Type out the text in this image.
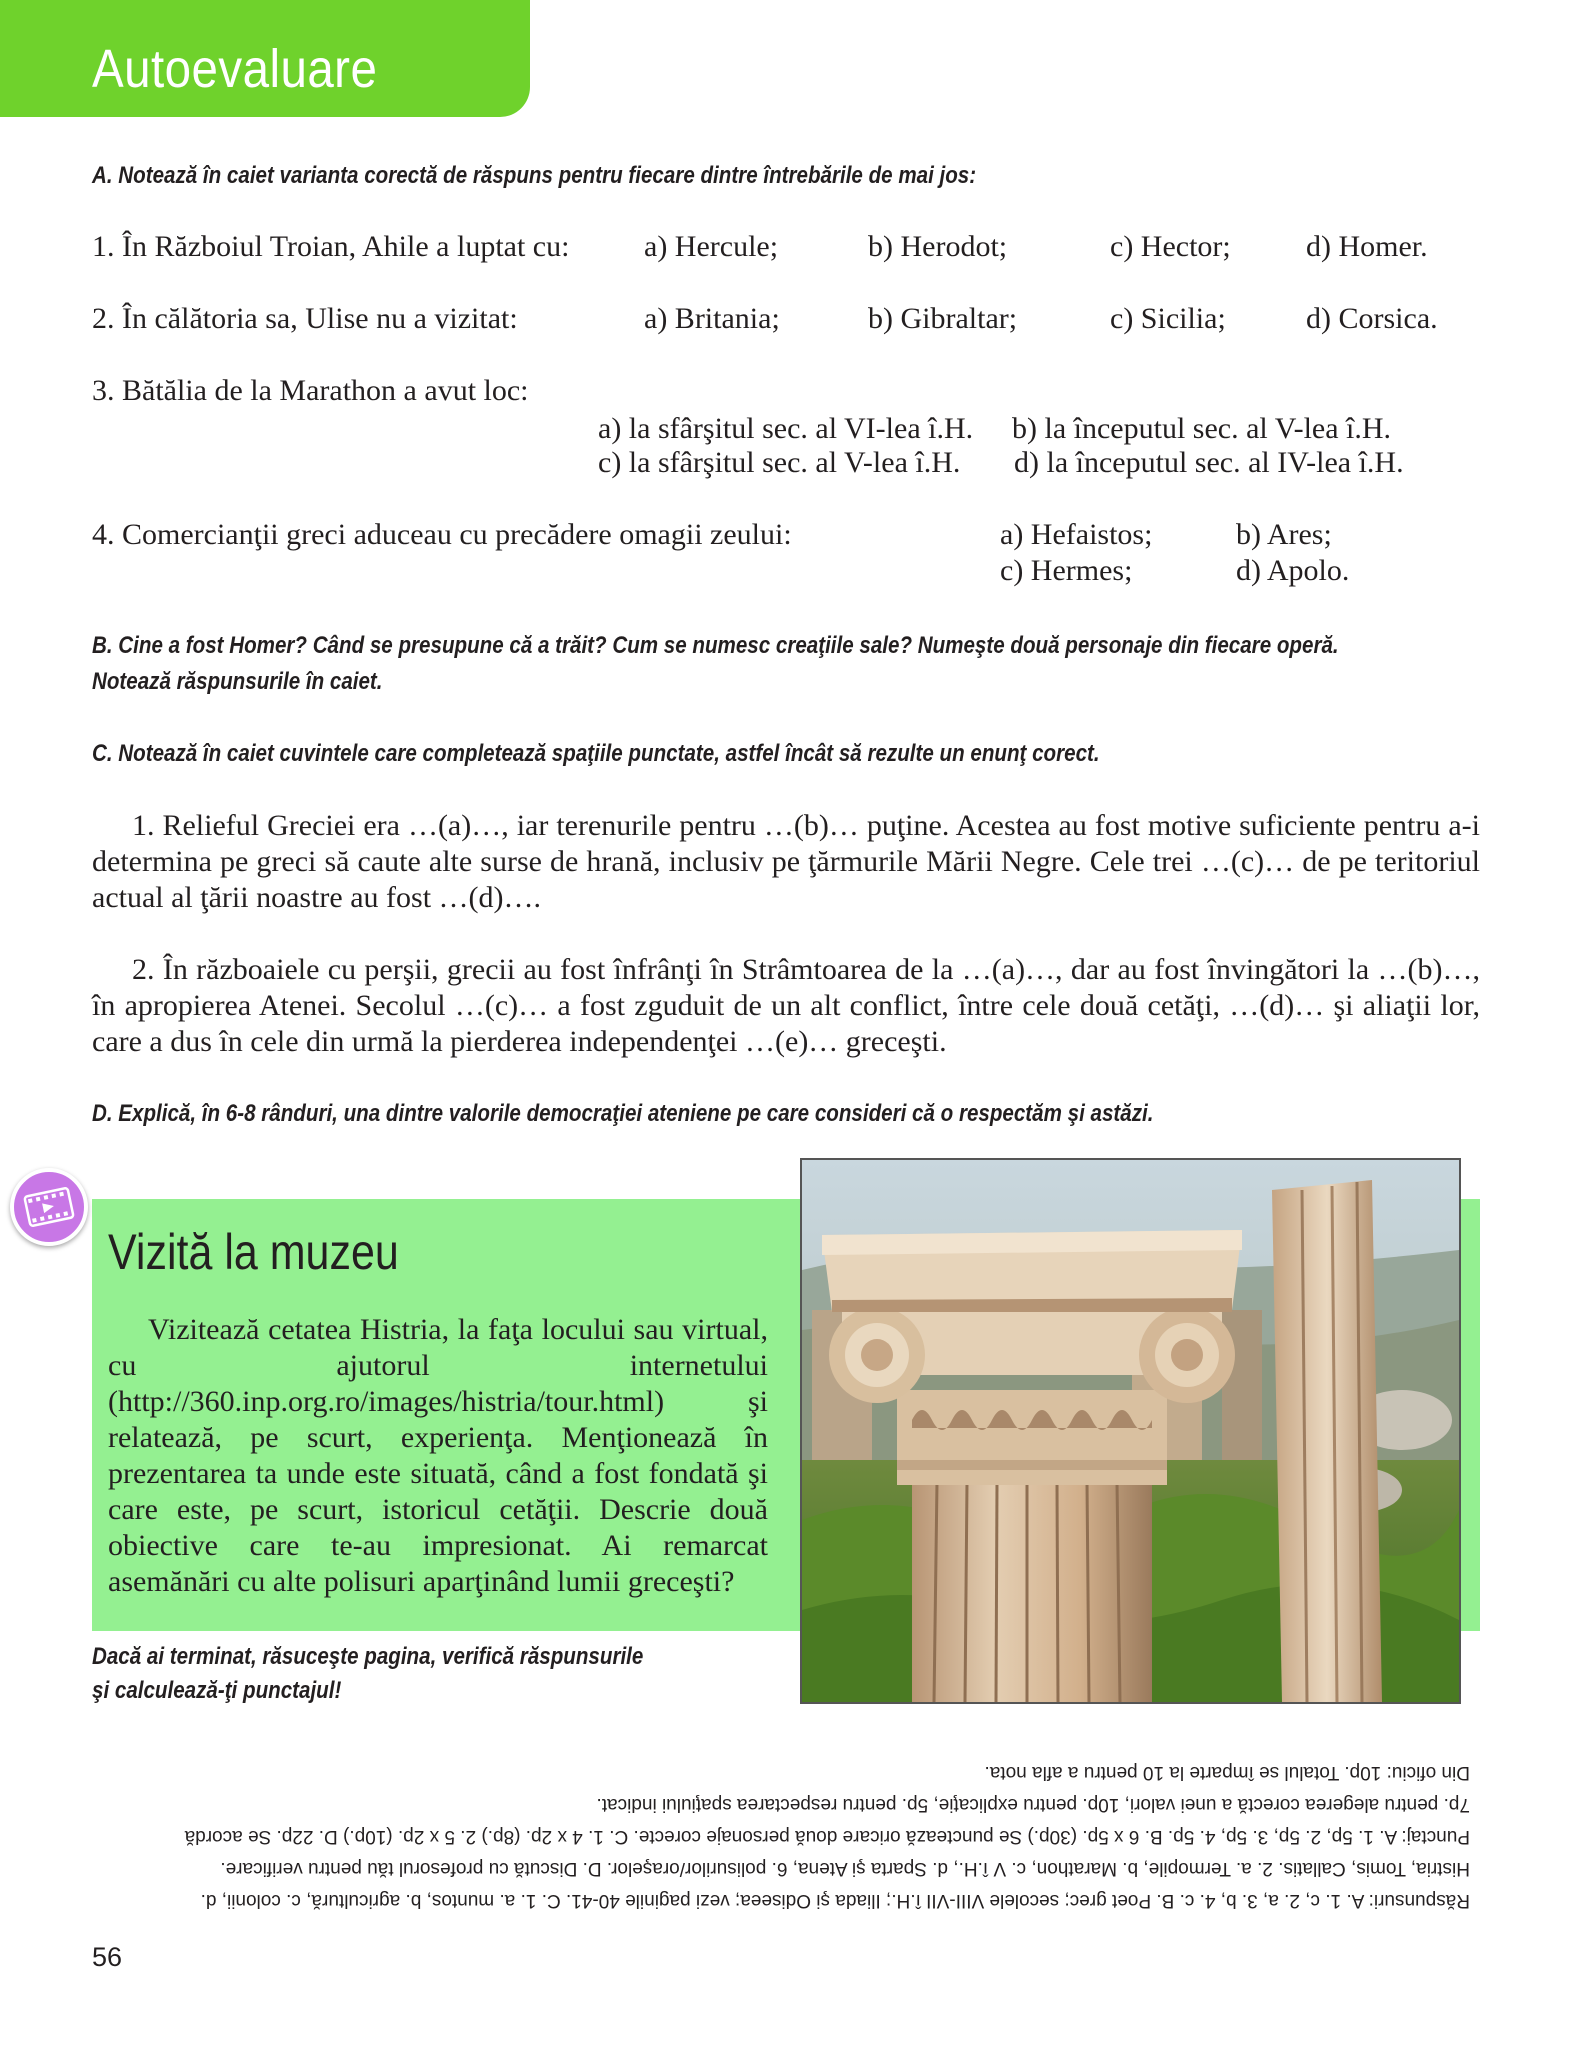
Autoevaluare
A. Notează în caiet varianta corectă de răspuns pentru fiecare dintre întrebările de mai jos:
1. În Războiul Troian, Ahile a luptat cu: a) Hercule;	b) Herodot;	c) Hector;	d) Homer.
2. În călătoria sa, Ulise nu a vizitat:	a) Britania;	b) Gibraltar;	c) Sicilia;	d) Corsica.
3. Bătălia de la Marathon a avut loc:
a) la sfârşitul sec. al VI-lea î.H. b) la începutul sec. al V-lea î.H.
c) la sfârşitul sec. al V-lea î.H. d) la începutul sec. al IV-lea î.H.
4. Comercianţii greci aduceau cu precădere omagii zeului:	a) Hefaistos;	b) Ares;
c) Hermes;	d) Apolo.
B. Cine a fost Homer? Când se presupune că a trăit? Cum se numesc creaţiile sale? Numeşte două personaje din fiecare operă.
Notează răspunsurile în caiet.
C. Notează în caiet cuvintele care completează spaţiile punctate, astfel încât să rezulte un enunţ corect.
1. Relieful Greciei era …(a)…, iar terenurile pentru …(b)… puţine. Acestea au fost motive suficiente pentru a-i determina pe greci să caute alte surse de hrană, inclusiv pe ţărmurile Mării Negre. Cele trei …(c)… de pe teritoriul actual al ţării noastre au fost …(d)….
2. În războaiele cu perşii, grecii au fost înfrânţi în Strâmtoarea de la …(a)…, dar au fost învingători la …(b)…, în apropierea Atenei. Secolul …(c)… a fost zguduit de un alt conflict, între cele două cetăţi, …(d)… şi aliaţii lor, care a dus în cele din urmă la pierderea independenţei …(e)… greceşti.
D. Explică, în 6-8 rânduri, una dintre valorile democraţiei ateniene pe care consideri că o respectăm şi astăzi.
Vizită la muzeu
Vizitează cetatea Histria, la faţa locului sau virtual, cu ajutorul internetului (http://360.inp.org.ro/images/histria/tour.html) şi relatează, pe scurt, experienţa. Menţionează în prezentarea ta unde este situată, când a fost fondată şi care este, pe scurt, istoricul cetăţii. Descrie două obiective care te-au impresionat. Ai remarcat asemănări cu alte polisuri aparţinând lumii greceşti?
Dacă ai terminat, răsuceşte pagina, verifică răspunsurile
şi calculează-ţi punctajul!
Răspunsuri: A. 1. c, 2. a, 3. b, 4. c. B. Poet grec; secolele VIII-VII î.H.; Iliada şi Odiseea; vezi paginile 40-41. C. 1. a. muntos, b. agricultură, c. colonii, d.
Histria, Tomis, Callatis. 2. a. Termopile, b. Marathon, c. V î.H., d. Sparta şi Atena, 6. polisurilor/oraşelor. D. Discută cu profesorul tău pentru verificare.
Punctaj: A. 1. 5p, 2. 5p, 3. 5p, 4. 5p. B. 6 x 5p. (30p.) Se punctează oricare două personaje corecte. C. 1. 4 x 2p. (8p.) 2. 5 x 2p. (10p.) D. 22p. Se acordă
7p. pentru alegerea corectă a unei valori, 10p. pentru explicaţie, 5p. pentru respectarea spaţiului indicat.
Din oficiu: 10p. Totalul se împarte la 10 pentru a afla nota.
56
